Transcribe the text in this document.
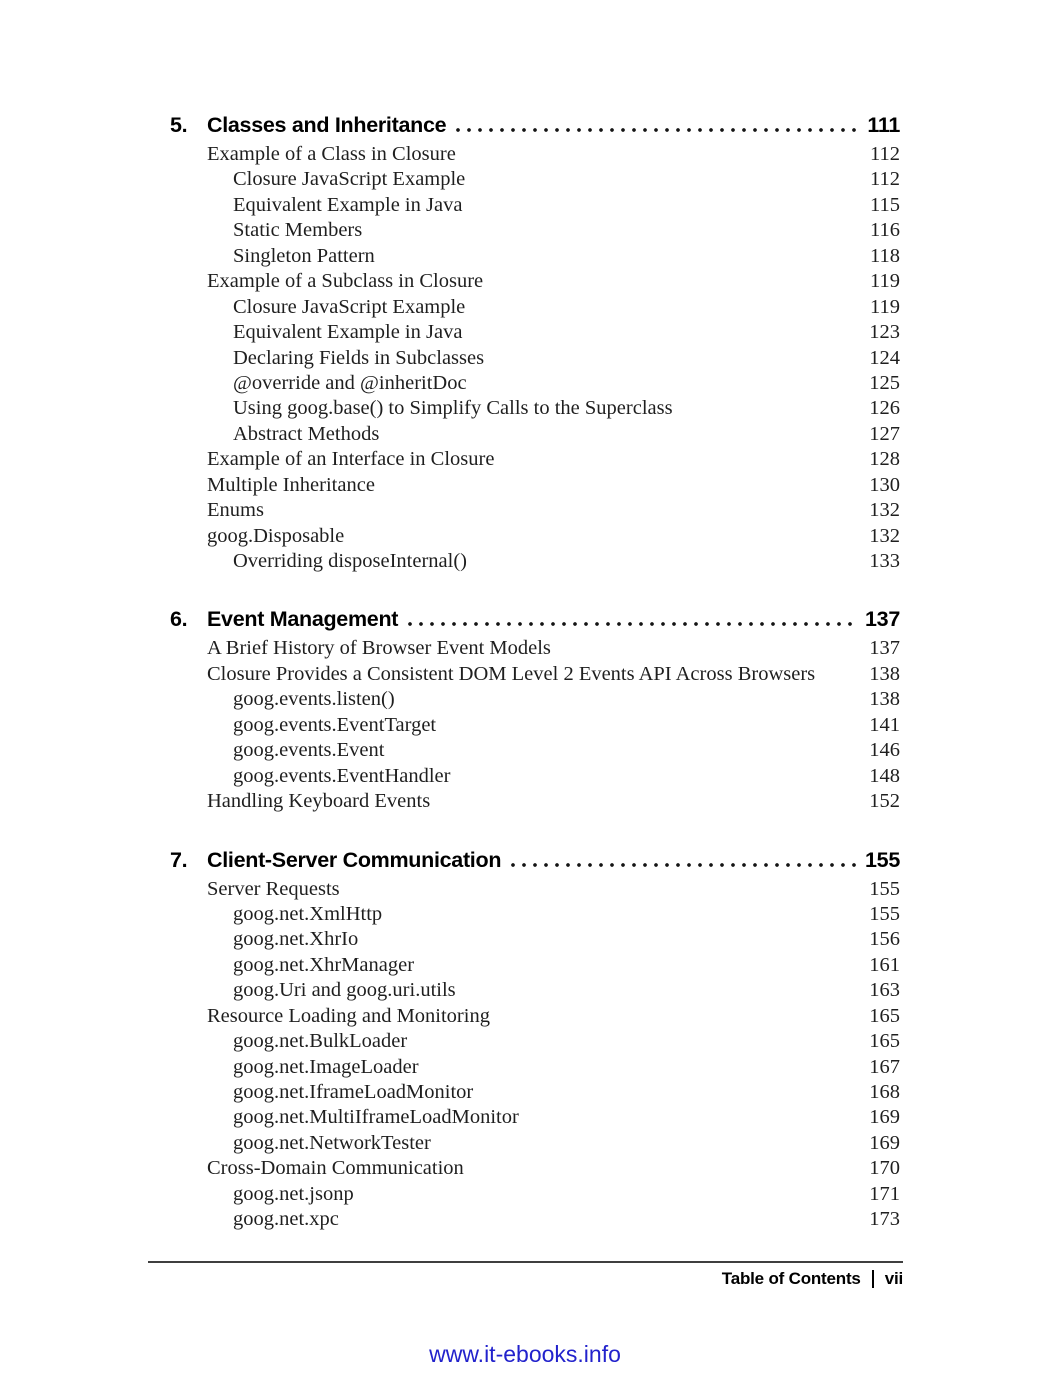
5. Classes and Inheritance	111
Example of a Class in Closure	112
Closure JavaScript Example	112
Equivalent Example in Java	115
Static Members	116
Singleton Pattern	118
Example of a Subclass in Closure	119
Closure JavaScript Example	119
Equivalent Example in Java	123
Declaring Fields in Subclasses	124
@override and @inheritDoc	125
Using goog.base() to Simplify Calls to the Superclass	126
Abstract Methods	127
Example of an Interface in Closure	128
Multiple Inheritance	130
Enums	132
goog.Disposable	132
Overriding disposeInternal()	133
6. Event Management	137
A Brief History of Browser Event Models	137
Closure Provides a Consistent DOM Level 2 Events API Across Browsers	138
goog.events.listen()	138
goog.events.EventTarget	141
goog.events.Event	146
goog.events.EventHandler	148
Handling Keyboard Events	152
7. Client-Server Communication	155
Server Requests	155
goog.net.XmlHttp	155
goog.net.XhrIo	156
goog.net.XhrManager	161
goog.Uri and goog.uri.utils	163
Resource Loading and Monitoring	165
goog.net.BulkLoader	165
goog.net.ImageLoader	167
goog.net.IframeLoadMonitor	168
goog.net.MultiIframeLoadMonitor	169
goog.net.NetworkTester	169
Cross-Domain Communication	170
goog.net.jsonp	171
goog.net.xpc	173
Table of Contents vii
www.it-ebooks.info
